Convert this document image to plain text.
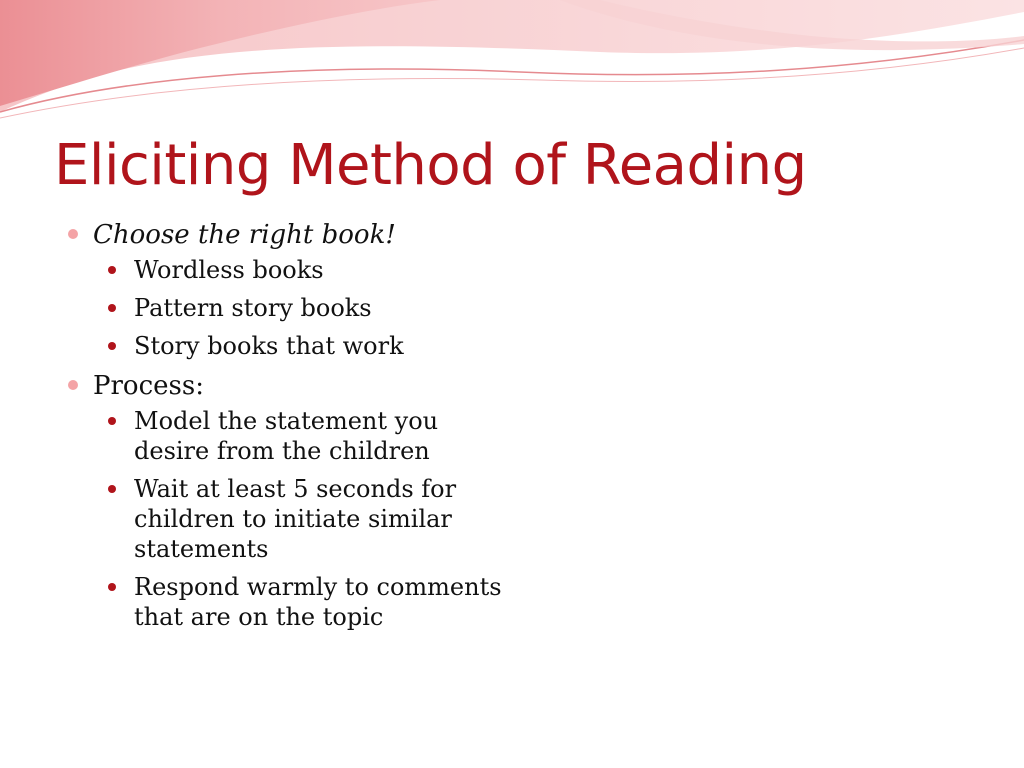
Eliciting Method of Reading
Choose the right book!
Wordless books
Pattern story books
Story books that work
Process:
Model the statement you desire from the children
Wait at least 5 seconds for children to initiate similar statements
Respond warmly to comments that are on the topic
